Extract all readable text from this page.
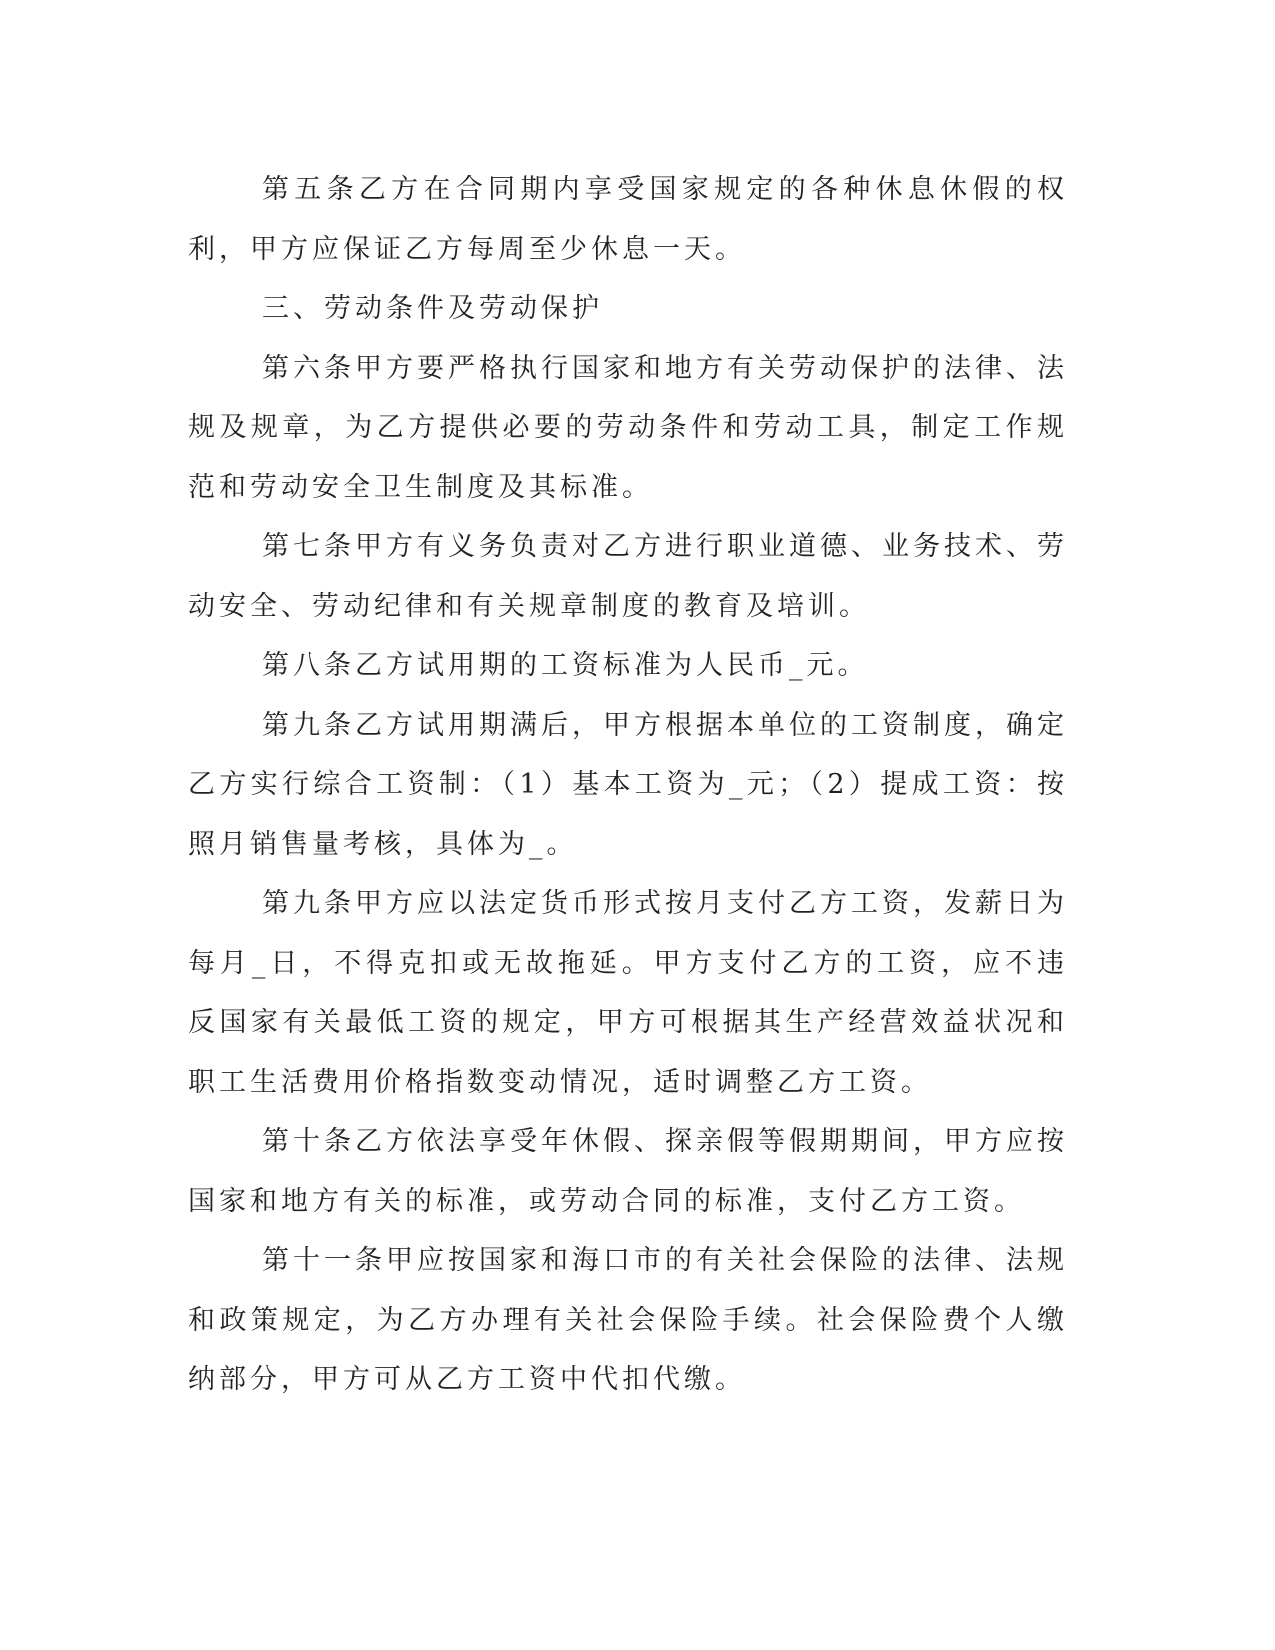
第五条乙方在合同期内享受国家规定的各种休息休假的权利，甲方应保证乙方每周至少休息一天。

三、劳动条件及劳动保护

第六条甲方要严格执行国家和地方有关劳动保护的法律、法规及规章，为乙方提供必要的劳动条件和劳动工具，制定工作规范和劳动安全卫生制度及其标准。

第七条甲方有义务负责对乙方进行职业道德、业务技术、劳动安全、劳动纪律和有关规章制度的教育及培训。

第八条乙方试用期的工资标准为人民币_元。

第九条乙方试用期满后，甲方根据本单位的工资制度，确定乙方实行综合工资制：（1）基本工资为_元；（2）提成工资：按照月销售量考核，具体为_。

第九条甲方应以法定货币形式按月支付乙方工资，发薪日为每月_日，不得克扣或无故拖延。甲方支付乙方的工资，应不违反国家有关最低工资的规定，甲方可根据其生产经营效益状况和职工生活费用价格指数变动情况，适时调整乙方工资。

第十条乙方依法享受年休假、探亲假等假期期间，甲方应按国家和地方有关的标准，或劳动合同的标准，支付乙方工资。

第十一条甲应按国家和海口市的有关社会保险的法律、法规和政策规定，为乙方办理有关社会保险手续。社会保险费个人缴纳部分，甲方可从乙方工资中代扣代缴。
